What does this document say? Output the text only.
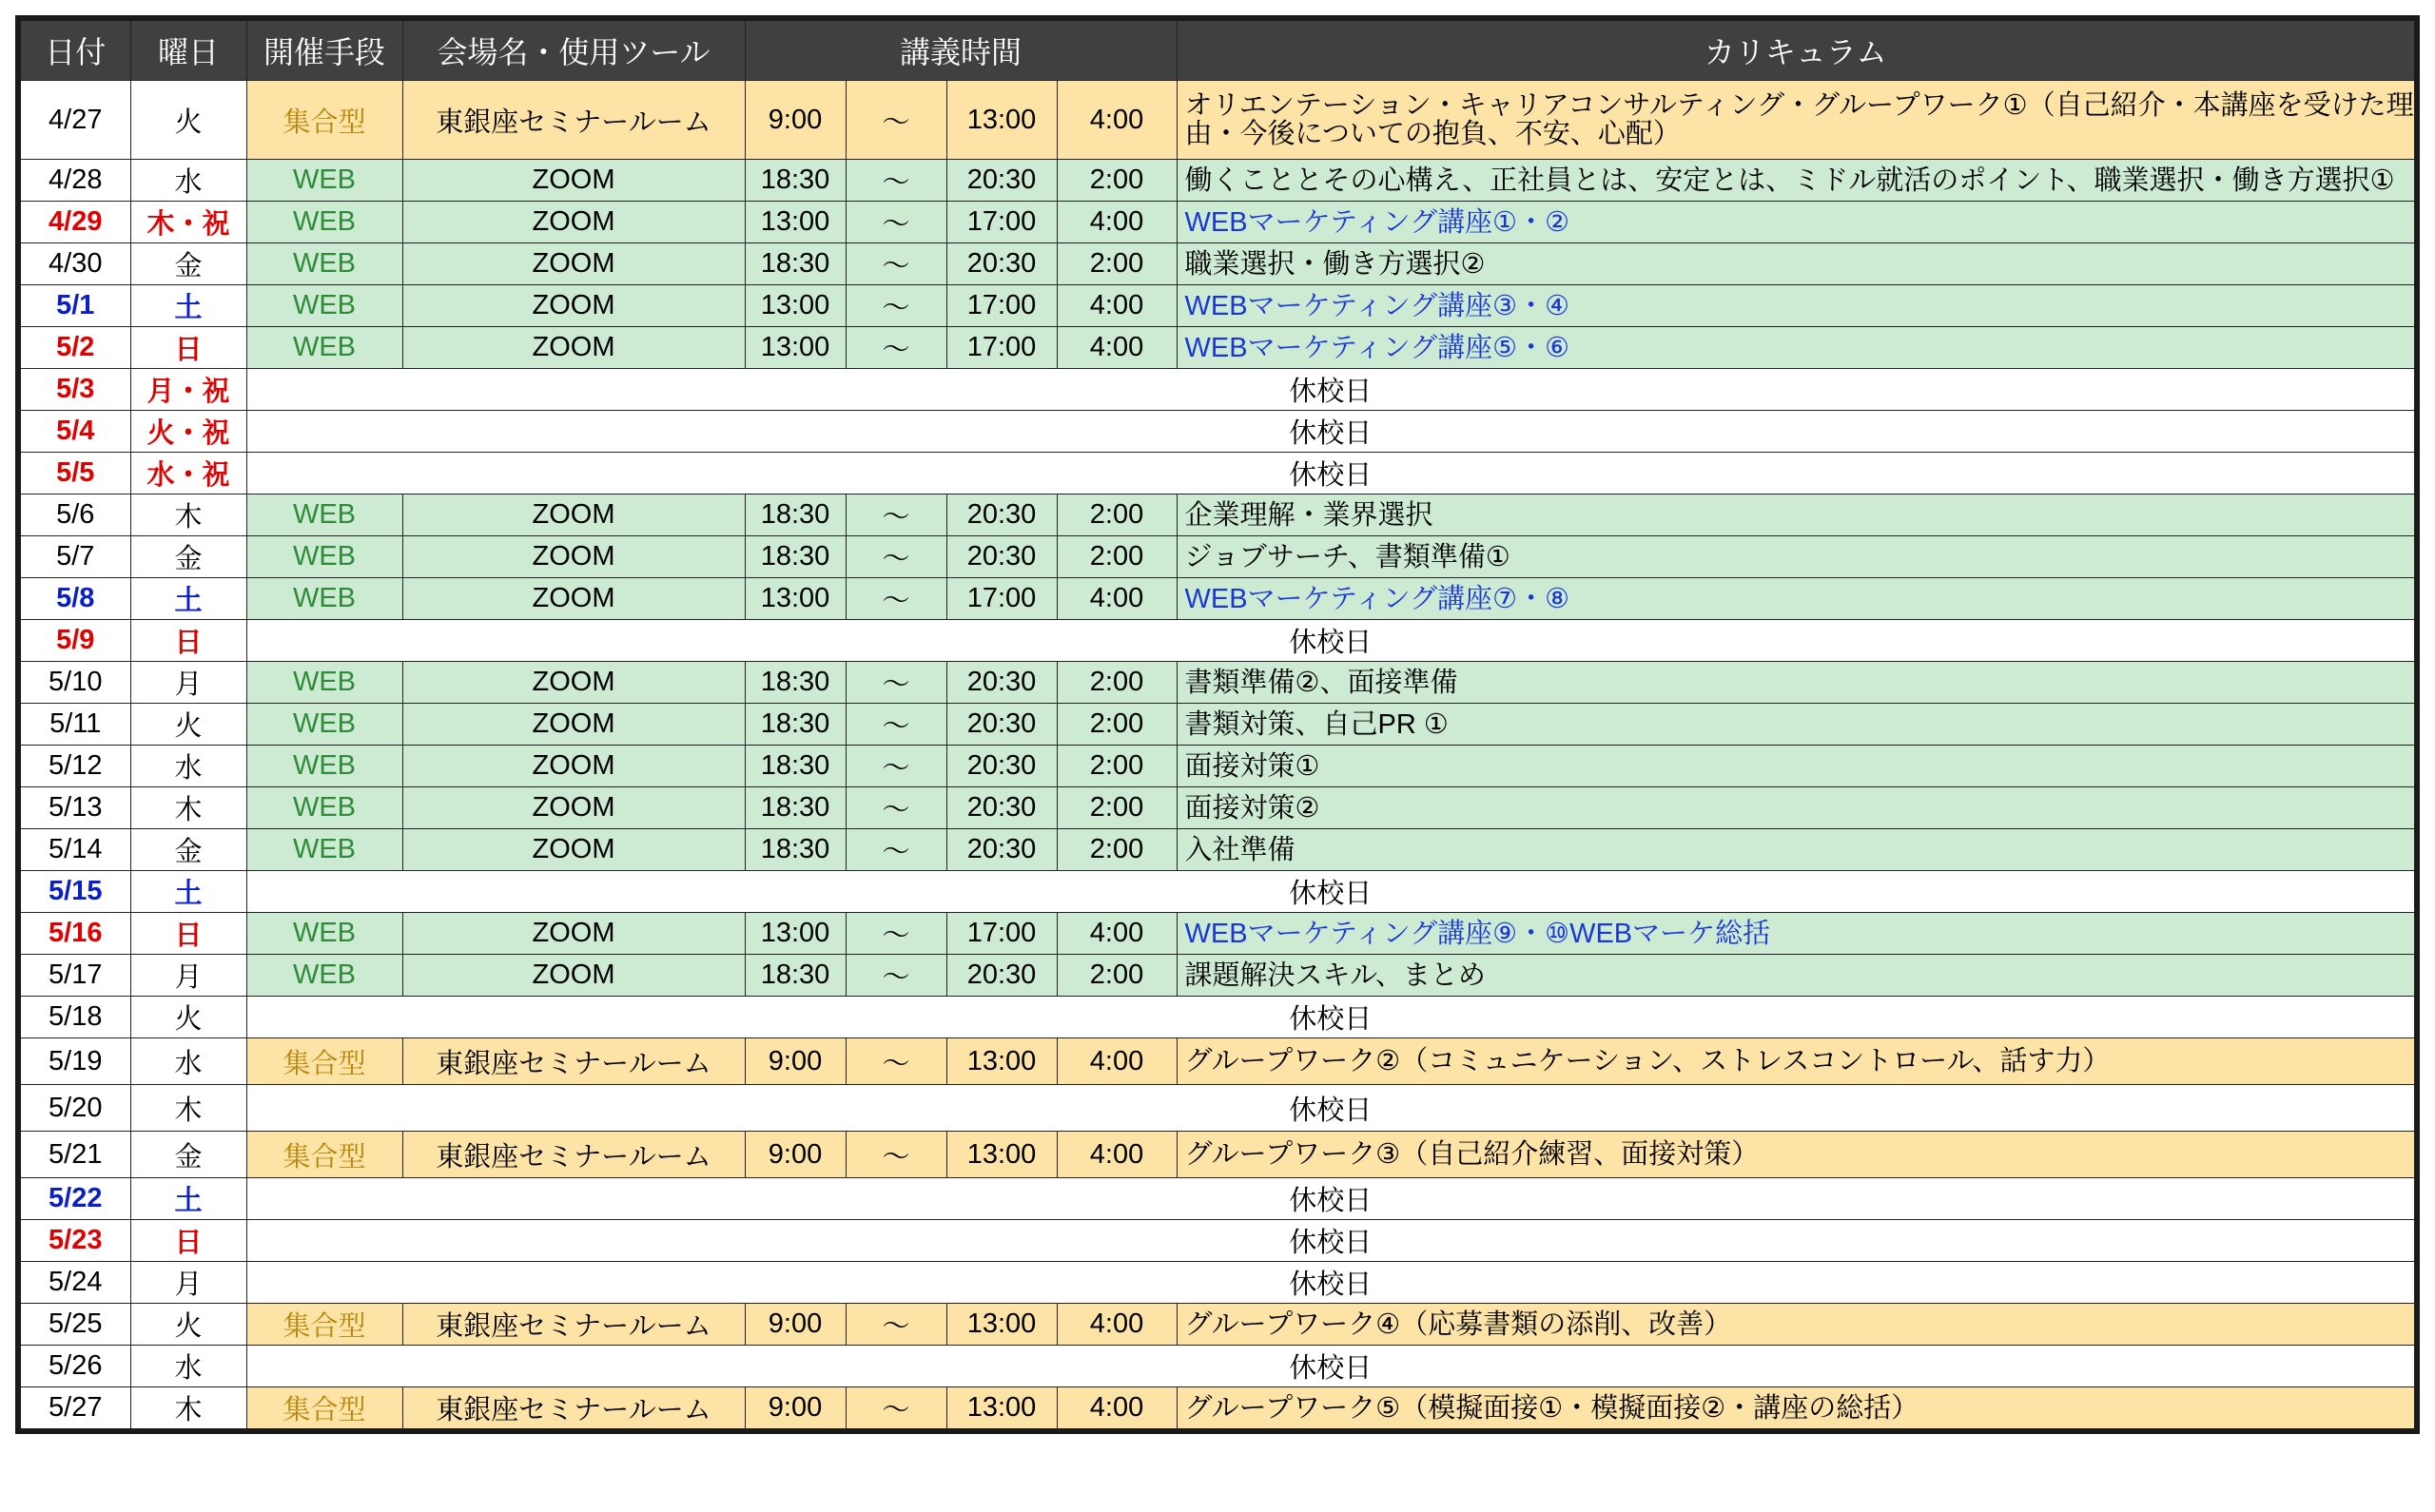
日付	曜日	開催手段	会場名・使用ツール	講義時間				カリキュラム
4/27	火	集合型	東銀座セミナールーム	9:00	〜	13:00	4:00	オリエンテーション・キャリアコンサルティング・グループワーク①（自己紹介・本講座を受けた理由・今後についての抱負、不安、心配）
4/28	水	WEB	ZOOM	18:30	〜	20:30	2:00	働くこととその心構え、正社員とは、安定とは、ミドル就活のポイント、職業選択・働き方選択①
4/29	木・祝	WEB	ZOOM	13:00	〜	17:00	4:00	WEBマーケティング講座①・②
4/30	金	WEB	ZOOM	18:30	〜	20:30	2:00	職業選択・働き方選択②
5/1	土	WEB	ZOOM	13:00	〜	17:00	4:00	WEBマーケティング講座③・④
5/2	日	WEB	ZOOM	13:00	〜	17:00	4:00	WEBマーケティング講座⑤・⑥
5/3	月・祝	休校日						
5/4	火・祝	休校日						
5/5	水・祝	休校日						
5/6	木	WEB	ZOOM	18:30	〜	20:30	2:00	企業理解・業界選択
5/7	金	WEB	ZOOM	18:30	〜	20:30	2:00	ジョブサーチ、書類準備①
5/8	土	WEB	ZOOM	13:00	〜	17:00	4:00	WEBマーケティング講座⑦・⑧
5/9	日	休校日						
5/10	月	WEB	ZOOM	18:30	〜	20:30	2:00	書類準備②、面接準備
5/11	火	WEB	ZOOM	18:30	〜	20:30	2:00	書類対策、自己PR ①
5/12	水	WEB	ZOOM	18:30	〜	20:30	2:00	面接対策①
5/13	木	WEB	ZOOM	18:30	〜	20:30	2:00	面接対策②
5/14	金	WEB	ZOOM	18:30	〜	20:30	2:00	入社準備
5/15	土	休校日						
5/16	日	WEB	ZOOM	13:00	〜	17:00	4:00	WEBマーケティング講座⑨・⑩WEBマーケ総括
5/17	月	WEB	ZOOM	18:30	〜	20:30	2:00	課題解決スキル、まとめ
5/18	火	休校日						
5/19	水	集合型	東銀座セミナールーム	9:00	〜	13:00	4:00	グループワーク②（コミュニケーション、ストレスコントロール、話す力）
5/20	木	休校日						
5/21	金	集合型	東銀座セミナールーム	9:00	〜	13:00	4:00	グループワーク③（自己紹介練習、面接対策）
5/22	土	休校日						
5/23	日	休校日						
5/24	月	休校日						
5/25	火	集合型	東銀座セミナールーム	9:00	〜	13:00	4:00	グループワーク④（応募書類の添削、改善）
5/26	水	休校日						
5/27	木	集合型	東銀座セミナールーム	9:00	〜	13:00	4:00	グループワーク⑤（模擬面接①・模擬面接②・講座の総括）
